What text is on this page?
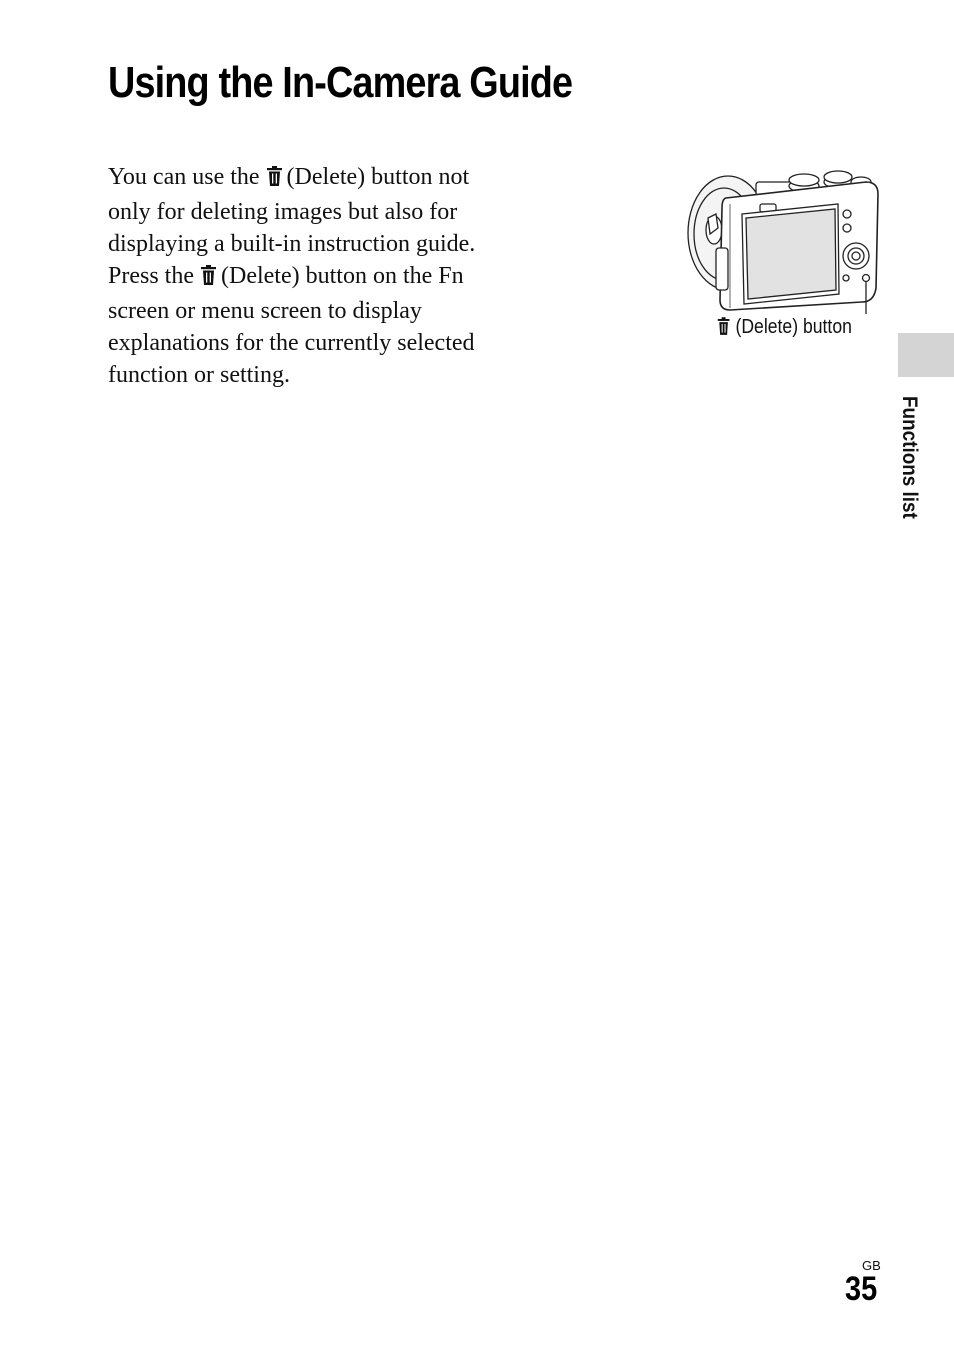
Using the In-Camera Guide

You can use the (Delete) button not
only for deleting images but also for
displaying a built-in instruction guide.
Press the (Delete) button on the Fn
screen or menu screen to display
explanations for the currently selected
function or setting.

(Delete) button
Functions list
GB
35
